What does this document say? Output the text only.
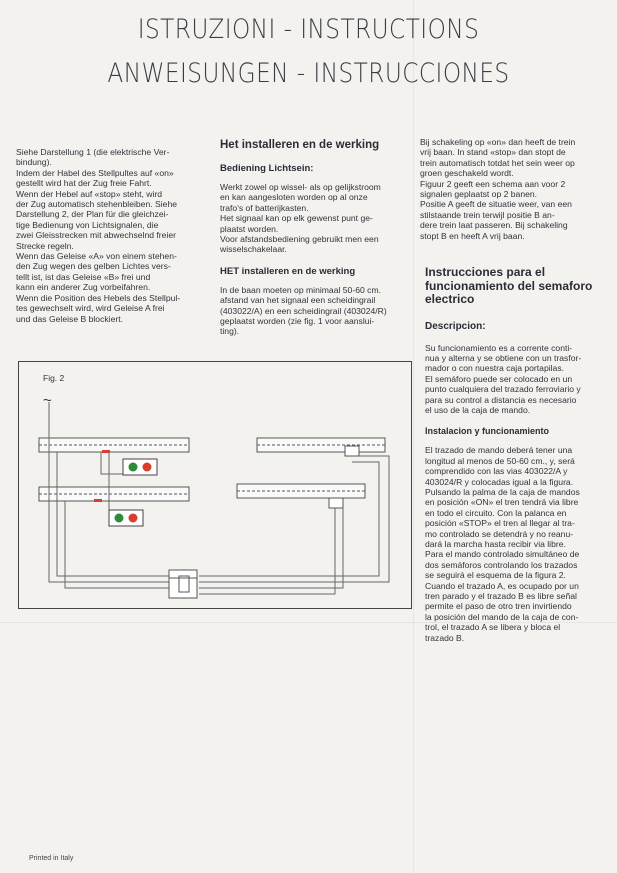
ISTRUZIONI - INSTRUCTIONS
ANWEISUNGEN - INSTRUCCIONES

Siehe Darstellung 1 (die elektrische Ver-
bindung).
Indem der Habel des Stellpultes auf «on»
gestellt wird hat der Zug freie Fahrt.
Wenn der Hebel auf «stop» steht, wird
der Zug automatisch stehenbleiben. Siehe
Darstellung 2, der Plan für die gleichzei-
tige Bedienung von Lichtsignalen, die
zwei Gleisstrecken mit abwechselnd freier
Strecke regeln.
Wenn das Geleise «A» von einem stehen-
den Zug wegen des gelben Lichtes vers-
tellt ist, ist das Geleise «B» frei und
kann ein anderer Zug vorbeifahren.
Wenn die Position des Hebels des Stellpul-
tes gewechselt wird, wird Geleise A frei
und das Geleise B blockiert.

Het installeren en de werking
Bediening Lichtsein:

Werkt zowel op wissel- als op gelijkstroom
en kan aangesloten worden op al onze
trafo's of batterijkasten.
Het signaal kan op elk gewenst punt ge-
plaatst worden.
Voor afstandsbediening gebruikt men een
wisselschakelaar.

HET installeren en de werking

In de baan moeten op minimaal 50-60 cm.
afstand van het signaal een scheidingrail
(403022/A) en een scheidingrail (403024/R)
geplaatst worden (zie fig. 1 voor aanslui-
ting).

Bij schakeling op «on» dan heeft de trein
vrij baan. In stand «stop» dan stopt de
trein automatisch totdat het sein weer op
groen geschakeld wordt.
Figuur 2 geeft een schema aan voor 2
signalen geplaatst op 2 banen.
Positie A geeft de situatie weer, van een
stilstaande trein terwijl positie B an-
dere trein laat passeren. Bij schakeling
stopt B en heeft A vrij baan.

Instrucciones para el
funcionamiento del semaforo
electrico
Descripcion:

Su funcionamiento es a corrente conti-
nua y alterna y se obtiene con un trasfor-
mador o con nuestra caja portapilas.
El semáforo puede ser colocado en un
punto cualquiera del trazado ferroviario y
para su control a distancia es necesario
el uso de la caja de mando.

Instalacion y funcionamiento

El trazado de mando deberá tener una
longitud al menos de 50-60 cm., y, será
comprendido con las vias 403022/A y
403024/R y colocadas igual a la figura.
Pulsando la palma de la caja de mandos
en posición «ON» el tren tendrá via libre
en todo el circuito. Con la palanca en
posición «STOP» el tren al llegar al tra-
mo controlado se detendrá y no reanu-
dará la marcha hasta recibir via libre.
Para el mando controlado simultáneo de
dos semáforos controlando los trazados
se seguirá el esquema de la figura 2.
Cuando el trazado A, es ocupado por un
tren parado y el trazado B es libre señal
permite el paso de otro tren invirtiendo
la posición del mando de la caja de con-
trol, el trazado A se libera y bloca el
trazado B.

Fig. 2
~
Printed in Italy
